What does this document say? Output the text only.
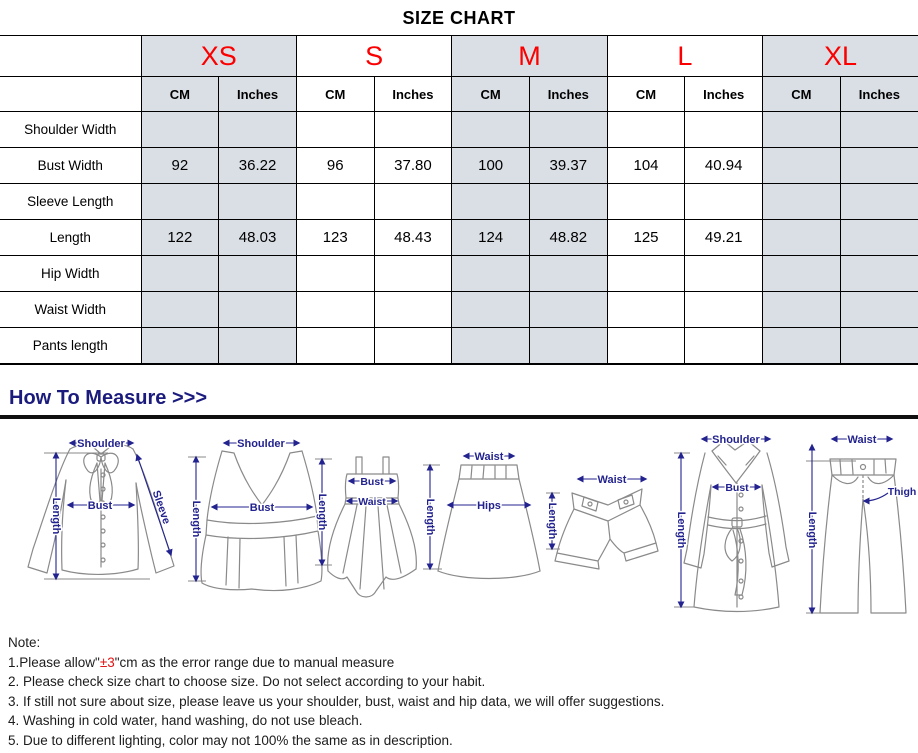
SIZE CHART
	XS		S		M		L		XL	
	CM	Inches	CM	Inches	CM	Inches	CM	Inches	CM	Inches
Shoulder Width										
Bust Width	92	36.22	96	37.80	100	39.37	104	40.94		
Sleeve Length										
Length	122	48.03	123	48.43	124	48.82	125	49.21		
Hip Width										
Waist Width										
Pants length										
How To Measure >>>
Shoulder
Length Bust	Sleeve
Shoulder
Length	Bust	Length
Bust
Waist
Waist
Hips
Length
Waist
Length
Shoulder
Bust
Length
Waist
Thigh
Length
Note:
1.Please allow"±3"cm as the error range due to manual measure
2. Please check size chart to choose size. Do not select according to your habit.
3. If still not sure about size, please leave us your shoulder, bust, waist and hip data, we will offer suggestions.
4. Washing in cold water, hand washing, do not use bleach.
5. Due to different lighting, color may not 100% the same as in description.
